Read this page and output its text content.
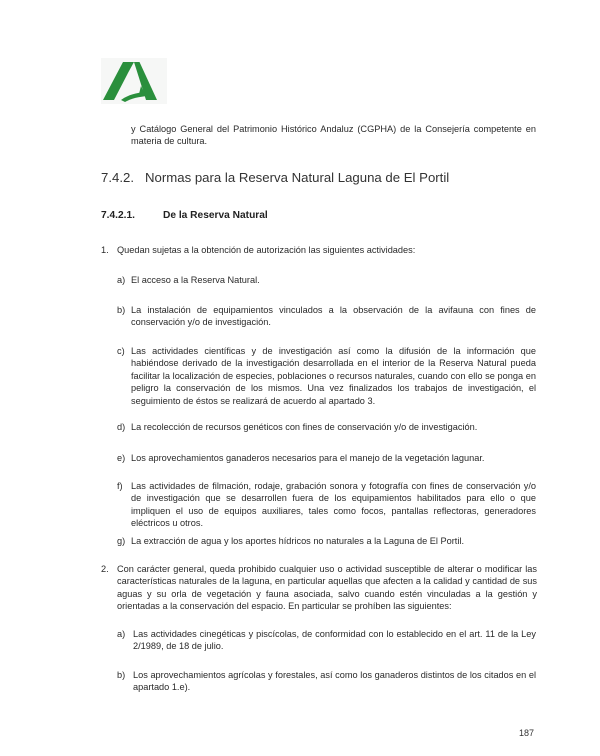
y Catálogo General del Patrimonio Histórico Andaluz (CGPHA) de la Consejería competente en materia de cultura.
7.4.2. Normas para la Reserva Natural Laguna de El Portil
7.4.2.1.	De la Reserva Natural
1. Quedan sujetas a la obtención de autorización las siguientes actividades:
a) El acceso a la Reserva Natural.
b) La instalación de equipamientos vinculados a la observación de la avifauna con fines de conservación y/o de investigación.
c) Las actividades científicas y de investigación así como la difusión de la información que habiéndose derivado de la investigación desarrollada en el interior de la Reserva Natural pueda facilitar la localización de especies, poblaciones o recursos naturales, cuando con ello se ponga en peligro la conservación de los mismos. Una vez finalizados los trabajos de investigación, el seguimiento de éstos se realizará de acuerdo al apartado 3.
d) La recolección de recursos genéticos con fines de conservación y/o de investigación.
e) Los aprovechamientos ganaderos necesarios para el manejo de la vegetación lagunar.
f) Las actividades de filmación, rodaje, grabación sonora y fotografía con fines de conservación y/o de investigación que se desarrollen fuera de los equipamientos habilitados para ello o que impliquen el uso de equipos auxiliares, tales como focos, pantallas reflectoras, generadores eléctricos u otros.
g) La extracción de agua y los aportes hídricos no naturales a la Laguna de El Portil.
2. Con carácter general, queda prohibido cualquier uso o actividad susceptible de alterar o modificar las características naturales de la laguna, en particular aquellas que afecten a la calidad y cantidad de sus aguas y su orla de vegetación y fauna asociada, salvo cuando estén vinculadas a la gestión y orientadas a la conservación del espacio. En particular se prohíben las siguientes:
a) Las actividades cinegéticas y piscícolas, de conformidad con lo establecido en el art. 11 de la Ley 2/1989, de 18 de julio.
b) Los aprovechamientos agrícolas y forestales, así como los ganaderos distintos de los citados en el apartado 1.e).
187
